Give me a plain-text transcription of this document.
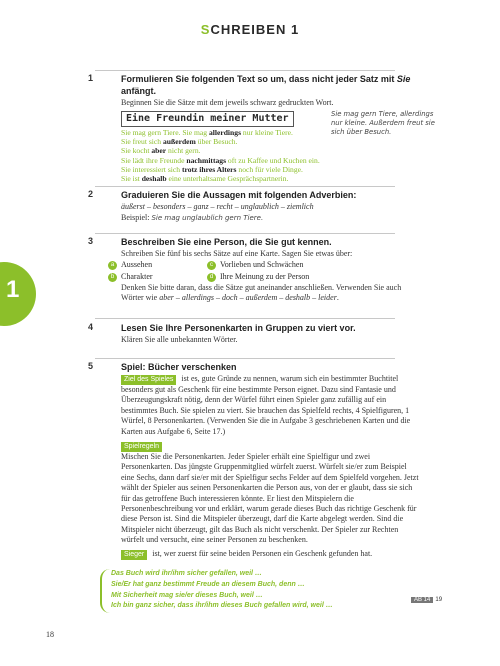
SCHREIBEN 1
1
1	Formulieren Sie folgenden Text so um, dass nicht jeder Satz mit Sie anfängt.
Beginnen Sie die Sätze mit dem jeweils schwarz gedruckten Wort.
Eine Freundin meiner Mutter
Sie mag gern Tiere. Sie mag allerdings nur kleine Tiere.
Sie freut sich außerdem über Besuch.
Sie kocht aber nicht gern.
Sie lädt ihre Freunde nachmittags oft zu Kaffee und Kuchen ein.
Sie interessiert sich trotz ihres Alters noch für viele Dinge.
Sie ist deshalb eine unterhaltsame Gesprächspartnerin.
Sie mag gern Tiere, allerdings nur kleine. Außerdem freut sie sich über Besuch.
2	Graduieren Sie die Aussagen mit folgenden Adverbien:
äußerst – besonders – ganz – recht – unglaublich – ziemlich
Beispiel: Sie mag unglaublich gern Tiere.
3	Beschreiben Sie eine Person, die Sie gut kennen.
Schreiben Sie fünf bis sechs Sätze auf eine Karte. Sagen Sie etwas über:
a Aussehen
b Charakter
c Vorlieben und Schwächen
d Ihre Meinung zu der Person
Denken Sie bitte daran, dass die Sätze gut aneinander anschließen. Verwenden Sie auch Wörter wie aber – allerdings – doch – außerdem – deshalb – leider.
4	Lesen Sie Ihre Personenkarten in Gruppen zu viert vor.
Klären Sie alle unbekannten Wörter.
5	Spiel: Bücher verschenken
Ziel des Spieles ist es, gute Gründe zu nennen, warum sich ein bestimmter Buchtitel besonders gut als Geschenk für eine bestimmte Person eignet. Dazu sind Fantasie und Überzeugungskraft nötig, denn der Würfel führt einen Spieler ganz zufällig auf ein bestimmtes Buch. Sie spielen zu viert. Sie brauchen das Spielfeld rechts, 4 Spielfiguren, 1 Würfel, 8 Personenkarten. (Verwenden Sie die in Aufgabe 3 geschriebenen Karten und die Karten aus Aufgabe 6, Seite 17.)
Spielregeln
Mischen Sie die Personenkarten. Jeder Spieler erhält eine Spielfigur und zwei Personenkarten. Das jüngste Gruppenmitglied würfelt zuerst. Würfelt sie/er zum Beispiel eine Sechs, dann darf sie/er mit der Spielfigur sechs Felder auf dem Spielfeld vorgehen. Jetzt wählt der Spieler aus seinen Personenkarten die Person aus, von der er glaubt, dass sie sich für das getroffene Buch interessieren könnte. Er liest den Mitspielern die Personenbeschreibung vor und erklärt, warum gerade dieses Buch das richtige Geschenk für diese Person ist. Sind die Mitspieler überzeugt, darf die Karte abgelegt werden. Sind die Mitspieler nicht überzeugt, gilt das Buch als nicht verschenkt. Der Spieler zur Rechten würfelt und versucht, eine seiner Personen zu beschenken.
Sieger ist, wer zuerst für seine beiden Personen ein Geschenk gefunden hat.
Das Buch wird ihr/ihm sicher gefallen, weil …
Sie/Er hat ganz bestimmt Freude an diesem Buch, denn …
Mit Sicherheit mag sie/er dieses Buch, weil …
Ich bin ganz sicher, dass ihr/ihm dieses Buch gefallen wird, weil …
AB 14 19
18
